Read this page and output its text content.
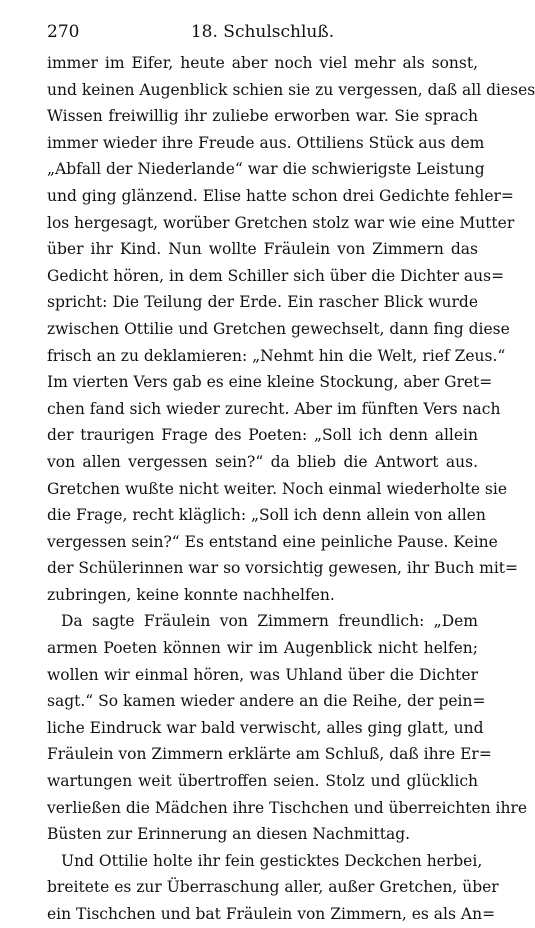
270	18. Schulschluß.
immer im Eifer, heute aber noch viel mehr als sonst,
und keinen Augenblick schien sie zu vergessen, daß all dieses
Wissen freiwillig ihr zuliebe erworben war. Sie sprach
immer wieder ihre Freude aus. Ottiliens Stück aus dem
„Abfall der Niederlande“ war die schwierigste Leistung
und ging glänzend. Elise hatte schon drei Gedichte fehler=
los hergesagt, worüber Gretchen stolz war wie eine Mutter
über ihr Kind. Nun wollte Fräulein von Zimmern das
Gedicht hören, in dem Schiller sich über die Dichter aus=
spricht: Die Teilung der Erde. Ein rascher Blick wurde
zwischen Ottilie und Gretchen gewechselt, dann fing diese
frisch an zu deklamieren: „Nehmt hin die Welt, rief Zeus.“
Im vierten Vers gab es eine kleine Stockung, aber Gret=
chen fand sich wieder zurecht. Aber im fünften Vers nach
der traurigen Frage des Poeten: „Soll ich denn allein
von allen vergessen sein?“ da blieb die Antwort aus.
Gretchen wußte nicht weiter. Noch einmal wiederholte sie
die Frage, recht kläglich: „Soll ich denn allein von allen
vergessen sein?“ Es entstand eine peinliche Pause. Keine
der Schülerinnen war so vorsichtig gewesen, ihr Buch mit=
zubringen, keine konnte nachhelfen.
Da sagte Fräulein von Zimmern freundlich: „Dem
armen Poeten können wir im Augenblick nicht helfen;
wollen wir einmal hören, was Uhland über die Dichter
sagt.“ So kamen wieder andere an die Reihe, der pein=
liche Eindruck war bald verwischt, alles ging glatt, und
Fräulein von Zimmern erklärte am Schluß, daß ihre Er=
wartungen weit übertroffen seien. Stolz und glücklich
verließen die Mädchen ihre Tischchen und überreichten ihre
Büsten zur Erinnerung an diesen Nachmittag.
Und Ottilie holte ihr fein gesticktes Deckchen herbei,
breitete es zur Überraschung aller, außer Gretchen, über
ein Tischchen und bat Fräulein von Zimmern, es als An=
